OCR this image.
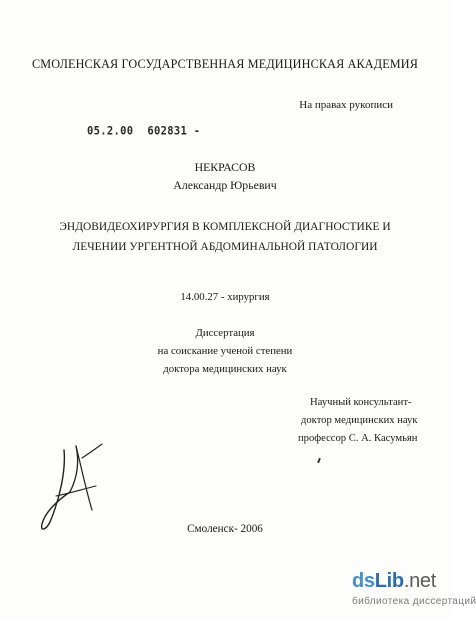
СМОЛЕНСКАЯ ГОСУДАРСТВЕННАЯ МЕДИЦИНСКАЯ АКАДЕМИЯ
На правах рукописи
05.2.00 602831 -
НЕКРАСОВ
Александр Юрьевич
ЭНДОВИДЕОХИРУРГИЯ В КОМПЛЕКСНОЙ ДИАГНОСТИКЕ И
ЛЕЧЕНИИ УРГЕНТНОЙ АБДОМИНАЛЬНОЙ ПАТОЛОГИИ
14.00.27 - хирургия
Диссертация
на соискание ученой степени
доктора медицинских наук
Научный консультант-
доктор медицинских наук
профессор С. А. Касумьян
Смоленск- 2006
dsLib.net
библиотека диссертаций
